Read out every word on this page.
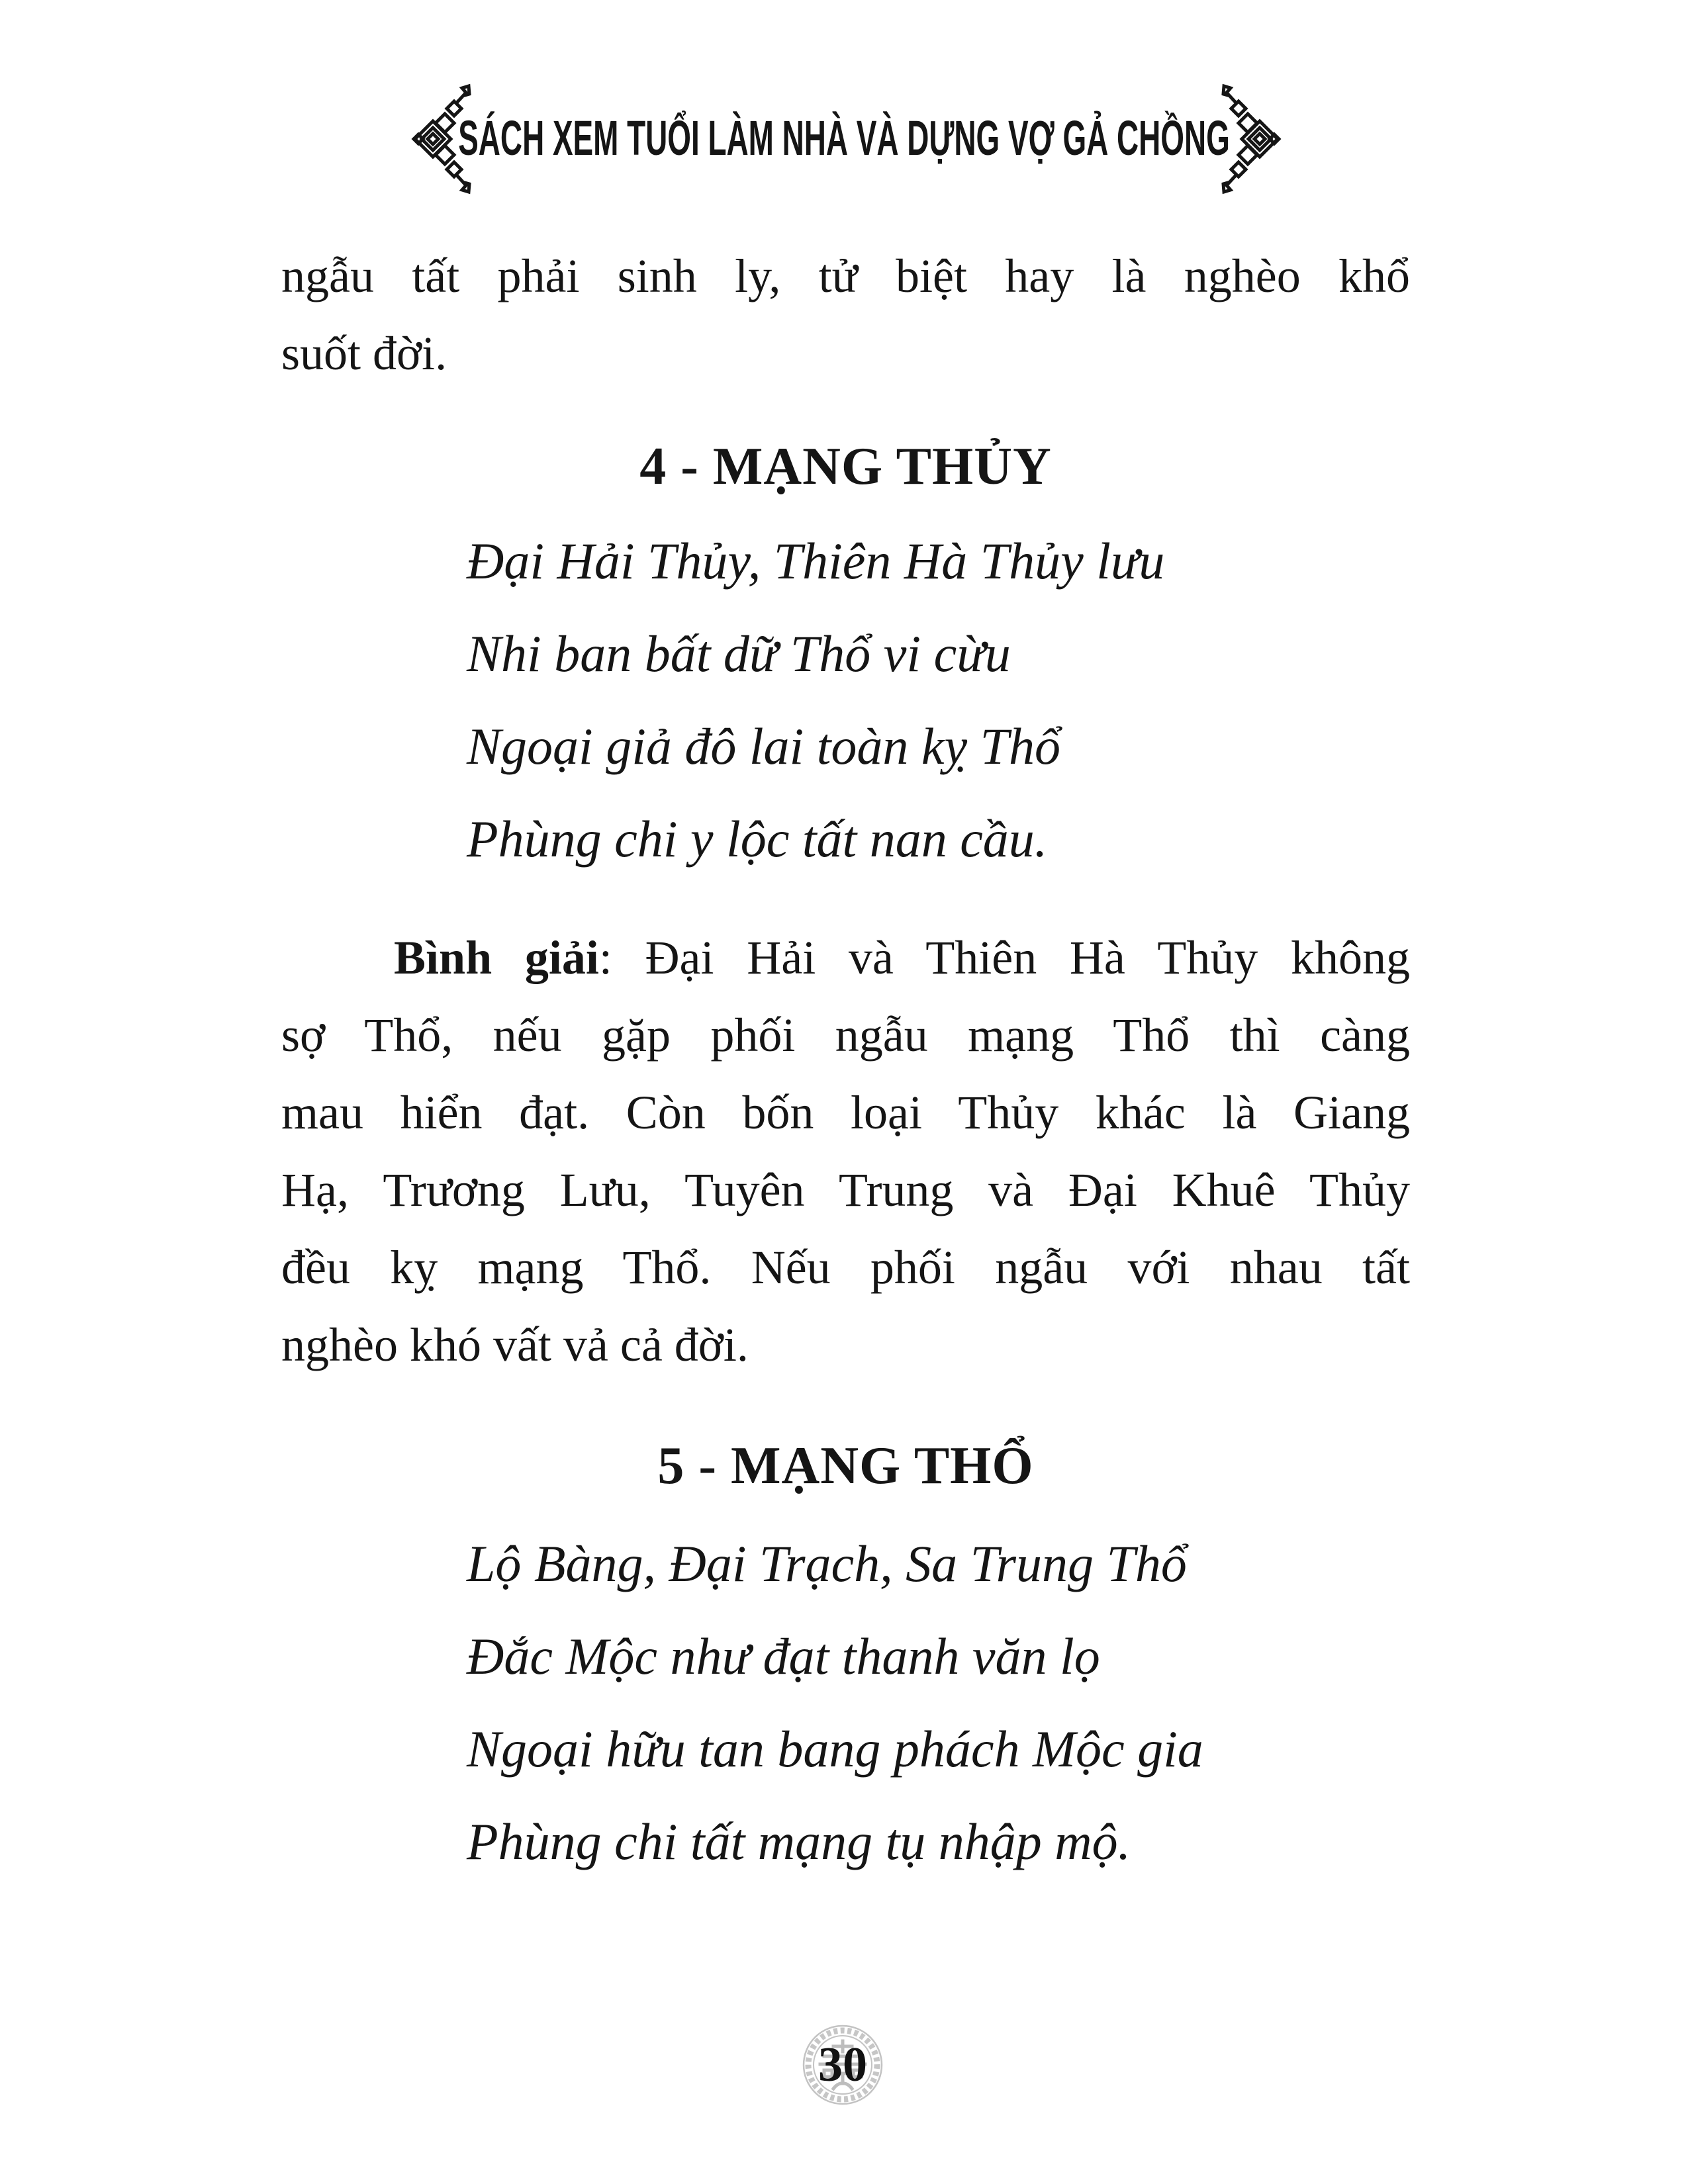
SÁCH XEM TUỔI LÀM NHÀ VÀ DỰNG VỢ GẢ CHỒNG
ngẫu tất phải sinh ly, tử biệt hay là nghèo khổ
suốt đời.
4 - MẠNG THỦY
Đại Hải Thủy, Thiên Hà Thủy lưu
Nhi ban bất dữ Thổ vi cừu
Ngoại giả đô lai toàn kỵ Thổ
Phùng chi y lộc tất nan cầu.
Bình giải: Đại Hải và Thiên Hà Thủy không
sợ Thổ, nếu gặp phối ngẫu mạng Thổ thì càng
mau hiển đạt. Còn bốn loại Thủy khác là Giang
Hạ, Trương Lưu, Tuyên Trung và Đại Khuê Thủy
đều kỵ mạng Thổ. Nếu phối ngẫu với nhau tất
nghèo khó vất vả cả đời.
5 - MẠNG THỔ
Lộ Bàng, Đại Trạch, Sa Trung Thổ
Đắc Mộc như đạt thanh văn lọ
Ngoại hữu tan bang phách Mộc gia
Phùng chi tất mạng tụ nhập mộ.
30
